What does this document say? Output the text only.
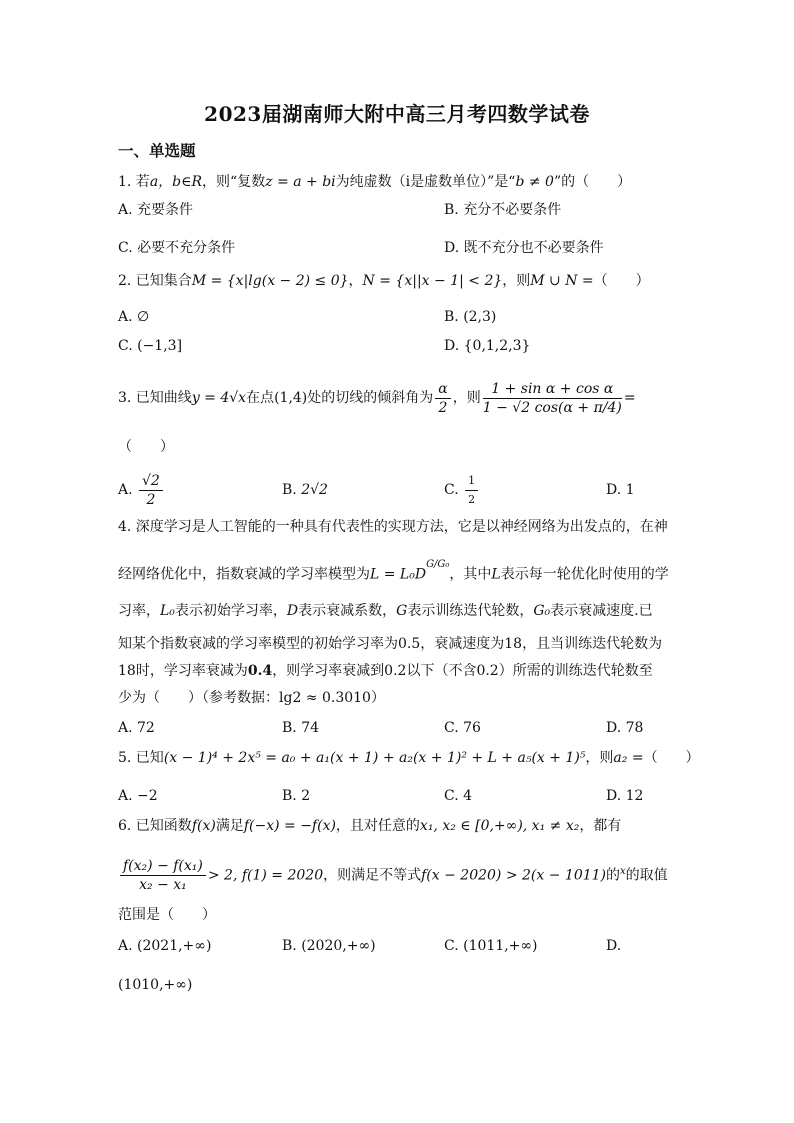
2023届湖南师大附中高三月考四数学试卷
一、单选题
1. 若a，b∈R，则“复数z = a + bi为纯虚数（i是虚数单位）”是“b ≠ 0”的（　　）
A. 充要条件	B. 充分不必要条件
C. 必要不充分条件	D. 既不充分也不必要条件
2. 已知集合M = {x|lg(x − 2) ≤ 0}，N = {x||x − 1| < 2}，则M ∪ N =（　　）
A. ∅	B. (2,3)
C. (−1,3]	D. {0,1,2,3}
3. 已知曲线y = 4√x在点(1,4)处的切线的倾斜角为 $\frac{\alpha}{2}$ ，则 $\frac{\text{1 + sin α + cos α}}{1 - √2 \cos(\alpha + \pi/4)}$ =
（　　）
A. $\frac{√2}{2}$	B. 2√2	C. $\frac{1}{2}$	D. 1
4. 深度学习是人工智能的一种具有代表性的实现方法，它是以神经网络为出发点的，在神
经网络优化中，指数衰减的学习率模型为$L = L_0D^{G/G_0}$，其中L表示每一轮优化时使用的学
习率，L₀表示初始学习率，D表示衰减系数，G表示训练迭代轮数，G₀表示衰减速度.已
知某个指数衰减的学习率模型的初始学习率为0.5，衰减速度为18，且当训练迭代轮数为
18时，学习率衰减为0.4，则学习率衰减到0.2以下（不含0.2）所需的训练迭代轮数至
少为（　　）（参考数据：lg2 ≈ 0.3010）
A. 72	B. 74	C. 76	D. 78
5. 已知(x − 1)⁴ + 2x⁵ = a₀ + a₁(x + 1) + a₂(x + 1)² + L + a₅(x + 1)⁵，则a₂ =（　　）
A. −2	B. 2	C. 4	D. 12
6. 已知函数f(x)满足f(−x) = −f(x)，且对任意的x₁, x₂ ∈ [0,+∞), x₁ ≠ x₂，都有
$\frac{\text{f(x₂) − f(x₁)}}{\text{x₂ − x₁}} > 2$, f(1) = 2020，则满足不等式f(x − 2020) > 2(x − 1011)的$^x$的取值
范围是（　　）
A. (2021,+∞)	B. (2020,+∞)	C. (1011,+∞)	D.
(1010,+∞)
